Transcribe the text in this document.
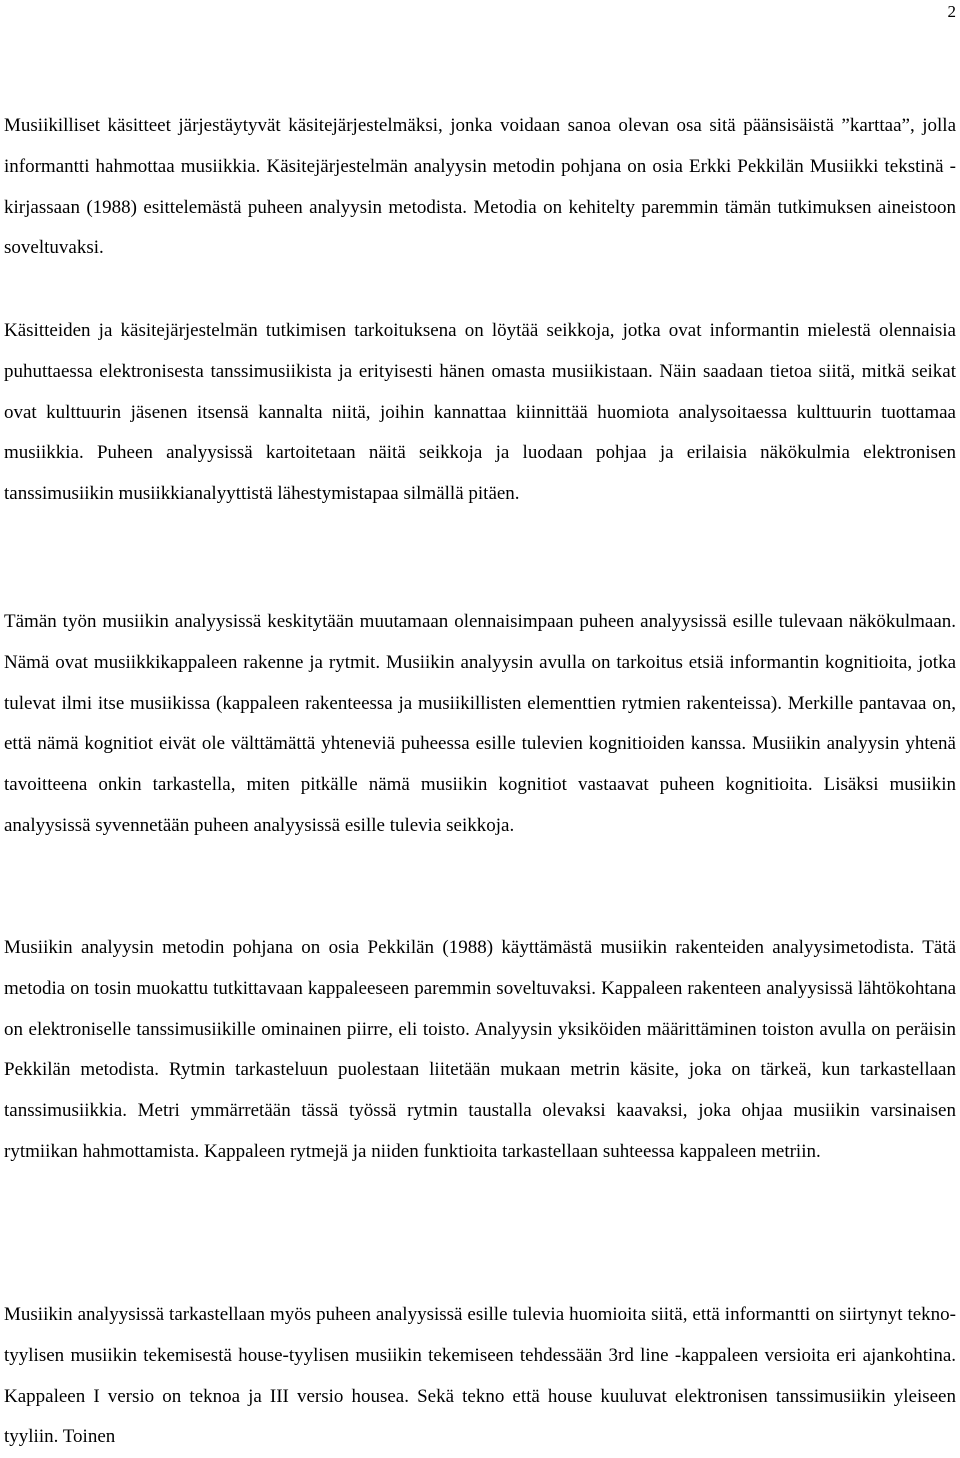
2

Musiikilliset käsitteet järjestäytyvät käsitejärjestelmäksi, jonka voidaan sanoa olevan osa sitä päänsisäistä ”karttaa”, jolla informantti hahmottaa musiikkia. Käsitejärjestelmän analyysin metodin pohjana on osia Erkki Pekkilän Musiikki tekstinä -kirjassaan (1988) esittelemästä puheen analyysin metodista. Metodia on kehitelty paremmin tämän tutkimuksen aineistoon soveltuvaksi.

Käsitteiden ja käsitejärjestelmän tutkimisen tarkoituksena on löytää seikkoja, jotka ovat informantin mielestä olennaisia puhuttaessa elektronisesta tanssimusiikista ja erityisesti hänen omasta musiikistaan. Näin saadaan tietoa siitä, mitkä seikat ovat kulttuurin jäsenen itsensä kannalta niitä, joihin kannattaa kiinnittää huomiota analysoitaessa kulttuurin tuottamaa musiikkia. Puheen analyysissä kartoitetaan näitä seikkoja ja luodaan pohjaa ja erilaisia näkökulmia elektronisen tanssimusiikin musiikkianalyyttistä lähestymistapaa silmällä pitäen.

Tämän työn musiikin analyysissä keskitytään muutamaan olennaisimpaan puheen analyysissä esille tulevaan näkökulmaan. Nämä ovat musiikkikappaleen rakenne ja rytmit. Musiikin analyysin avulla on tarkoitus etsiä informantin kognitioita, jotka tulevat ilmi itse musiikissa (kappaleen rakenteessa ja musiikillisten elementtien rytmien rakenteissa). Merkille pantavaa on, että nämä kognitiot eivät ole välttämättä yhteneviä puheessa esille tulevien kognitioiden kanssa. Musiikin analyysin yhtenä tavoitteena onkin tarkastella, miten pitkälle nämä musiikin kognitiot vastaavat puheen kognitioita. Lisäksi musiikin analyysissä syvennetään puheen analyysissä esille tulevia seikkoja.

Musiikin analyysin metodin pohjana on osia Pekkilän (1988) käyttämästä musiikin rakenteiden analyysimetodista. Tätä metodia on tosin muokattu tutkittavaan kappaleeseen paremmin soveltuvaksi. Kappaleen rakenteen analyysissä lähtökohtana on elektroniselle tanssimusiikille ominainen piirre, eli toisto. Analyysin yksiköiden määrittäminen toiston avulla on peräisin Pekkilän metodista. Rytmin tarkasteluun puolestaan liitetään mukaan metrin käsite, joka on tärkeä, kun tarkastellaan tanssimusiikkia. Metri ymmärretään tässä työssä rytmin taustalla olevaksi kaavaksi, joka ohjaa musiikin varsinaisen rytmiikan hahmottamista. Kappaleen rytmejä ja niiden funktioita tarkastellaan suhteessa kappaleen metriin.

Musiikin analyysissä tarkastellaan myös puheen analyysissä esille tulevia huomioita siitä, että informantti on siirtynyt tekno-tyylisen musiikin tekemisestä house-tyylisen musiikin tekemiseen tehdessään 3rd line -kappaleen versioita eri ajankohtina. Kappaleen I versio on teknoa ja III versio housea. Sekä tekno että house kuuluvat elektronisen tanssimusiikin yleiseen tyyliin. Toinen
